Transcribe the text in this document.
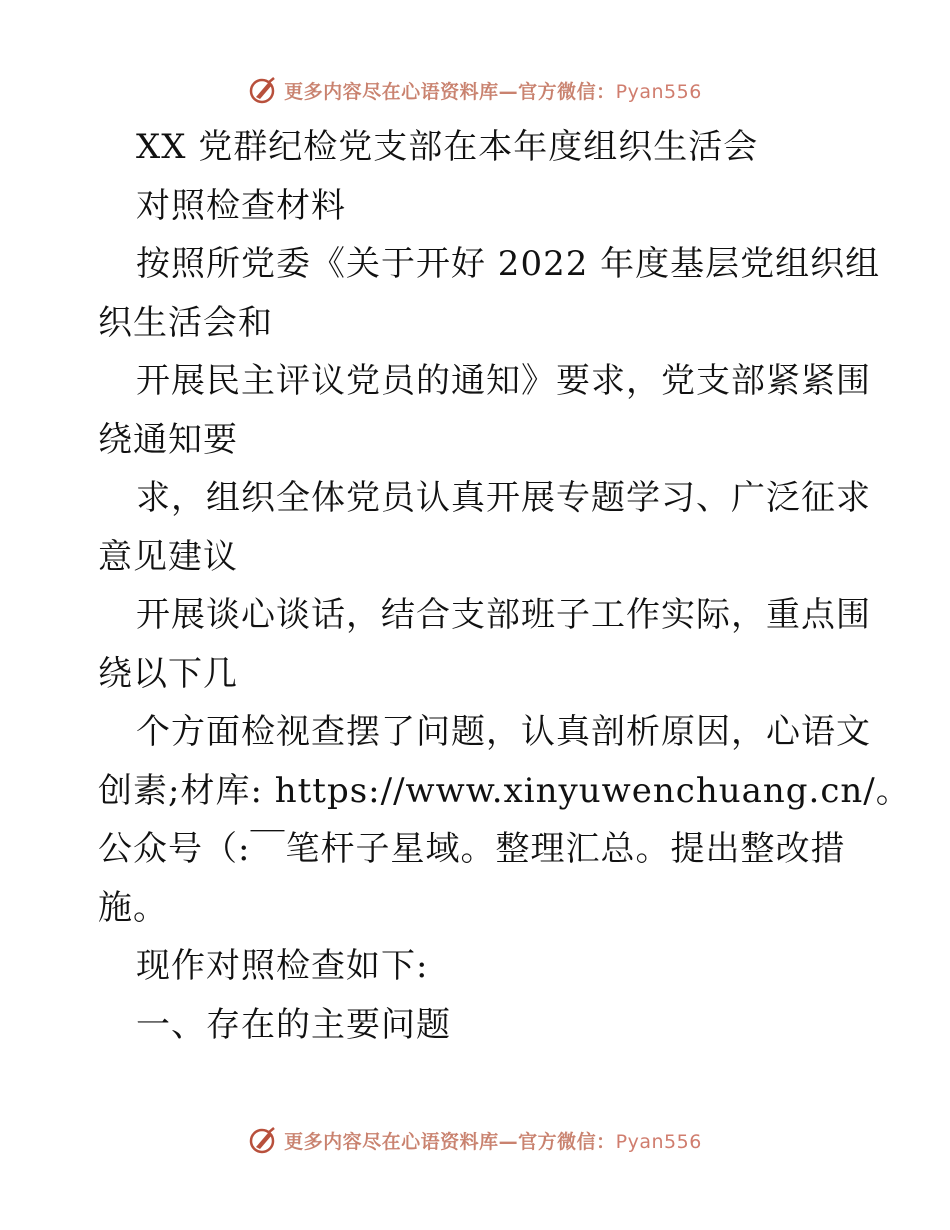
更多内容尽在心语资料库—官方微信：Pyan556
XX 党群纪检党支部在本年度组织生活会
对照检查材料
按照所党委《关于开好 2022 年度基层党组织组
织生活会和
开展民主评议党员的通知》要求，党支部紧紧围
绕通知要
求，组织全体党员认真开展专题学习、广泛征求
意见建议
开展谈心谈话，结合支部班子工作实际，重点围
绕以下几
个方面检视查摆了问题，认真剖析原因，心语文
创素;材库: https://www.xinyuwenchuang.cn/。
公众号（:￣笔杆子星域。整理汇总。提出整改措
施。
现作对照检查如下:
一、存在的主要问题
更多内容尽在心语资料库—官方微信：Pyan556
